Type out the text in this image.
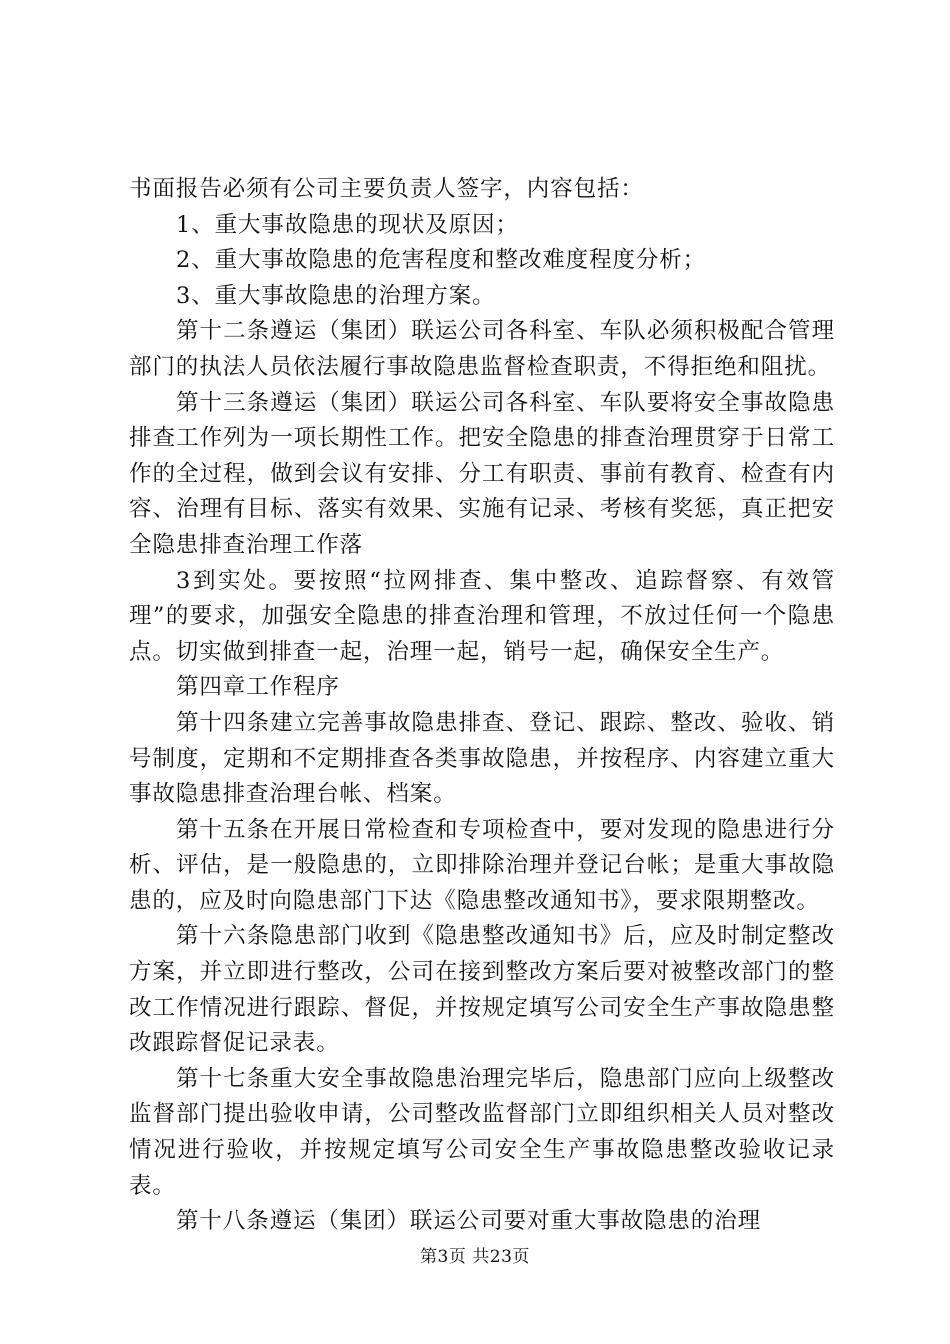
书面报告必须有公司主要负责人签字，内容包括：

1、重大事故隐患的现状及原因；

2、重大事故隐患的危害程度和整改难度程度分析；

3、重大事故隐患的治理方案。

第十二条遵运（集团）联运公司各科室、车队必须积极配合管理部门的执法人员依法履行事故隐患监督检查职责，不得拒绝和阻扰。

第十三条遵运（集团）联运公司各科室、车队要将安全事故隐患排查工作列为一项长期性工作。把安全隐患的排查治理贯穿于日常工作的全过程，做到会议有安排、分工有职责、事前有教育、检查有内容、治理有目标、落实有效果、实施有记录、考核有奖惩，真正把安全隐患排查治理工作落

3到实处。要按照“拉网排查、集中整改、追踪督察、有效管理”的要求，加强安全隐患的排查治理和管理，不放过任何一个隐患点。切实做到排查一起，治理一起，销号一起，确保安全生产。

第四章工作程序

第十四条建立完善事故隐患排查、登记、跟踪、整改、验收、销号制度，定期和不定期排查各类事故隐患，并按程序、内容建立重大事故隐患排查治理台帐、档案。

第十五条在开展日常检查和专项检查中，要对发现的隐患进行分析、评估，是一般隐患的，立即排除治理并登记台帐；是重大事故隐患的，应及时向隐患部门下达《隐患整改通知书》，要求限期整改。

第十六条隐患部门收到《隐患整改通知书》后，应及时制定整改方案，并立即进行整改，公司在接到整改方案后要对被整改部门的整改工作情况进行跟踪、督促，并按规定填写公司安全生产事故隐患整改跟踪督促记录表。

第十七条重大安全事故隐患治理完毕后，隐患部门应向上级整改监督部门提出验收申请，公司整改监督部门立即组织相关人员对整改情况进行验收，并按规定填写公司安全生产事故隐患整改验收记录表。

第十八条遵运（集团）联运公司要对重大事故隐患的治理

第3页 共23页
